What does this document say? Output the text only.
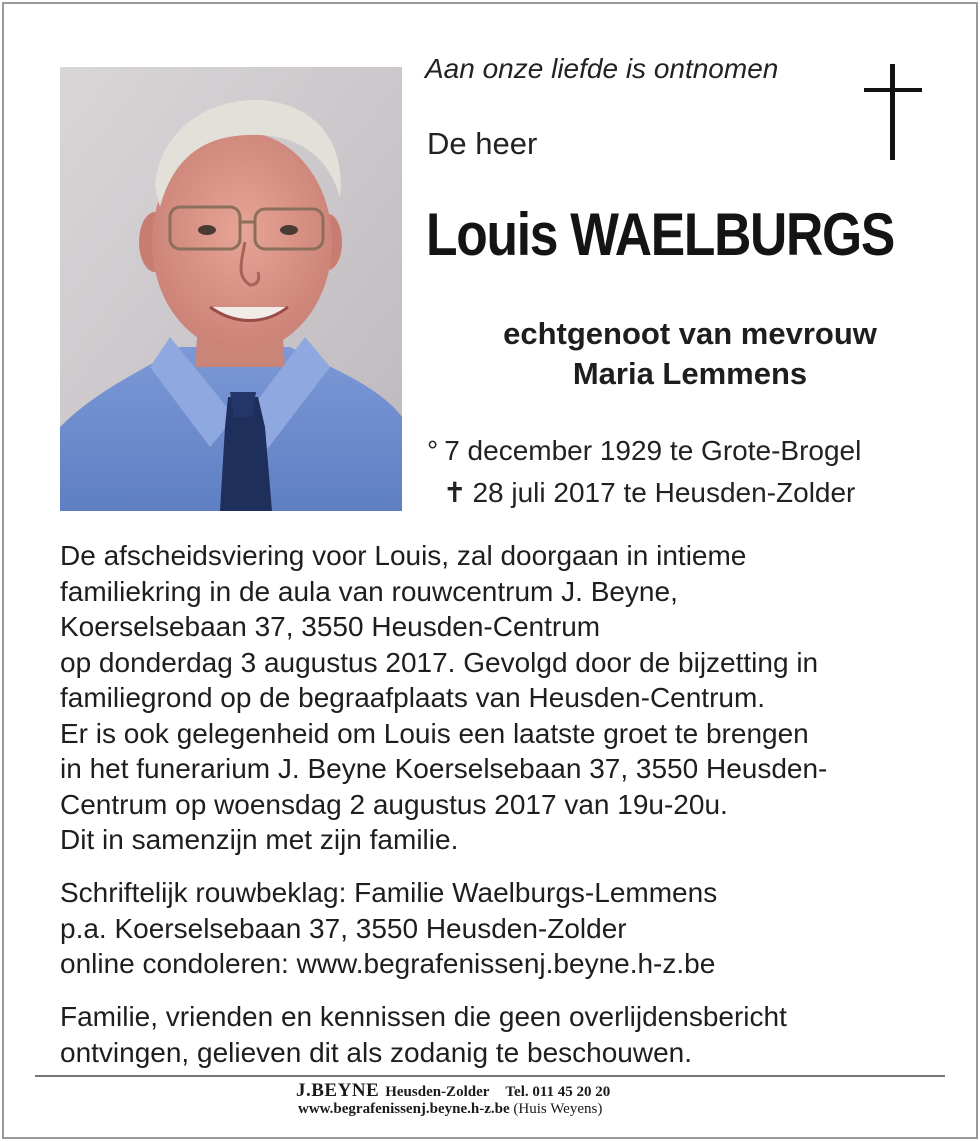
Aan onze liefde is ontnomen
De heer
Louis WAELBURGS
echtgenoot van mevrouw
Maria Lemmens
° 7 december 1929 te Grote-Brogel
✝ 28 juli 2017 te Heusden-Zolder

De afscheidsviering voor Louis, zal doorgaan in intieme

familiekring in de aula van rouwcentrum J. Beyne,

Koerselsebaan 37, 3550 Heusden-Centrum

op donderdag 3 augustus 2017. Gevolgd door de bijzetting in

familiegrond op de begraafplaats van Heusden-Centrum.

Er is ook gelegenheid om Louis een laatste groet te brengen

in het funerarium J. Beyne Koerselsebaan 37, 3550 Heusden-

Centrum op woensdag 2 augustus 2017 van 19u-20u.

Dit in samenzijn met zijn familie.

Schriftelijk rouwbeklag: Familie Waelburgs-Lemmens

p.a. Koerselsebaan 37, 3550 Heusden-Zolder

online condoleren: www.begrafenissenj.beyne.h-z.be

Familie, vrienden en kennissen die geen overlijdensbericht

ontvingen, gelieven dit als zodanig te beschouwen.

J.BEYNE Heusden-Zolder Tel. 011 45 20 20
www.begrafenissenj.beyne.h-z.be (Huis Weyens)
